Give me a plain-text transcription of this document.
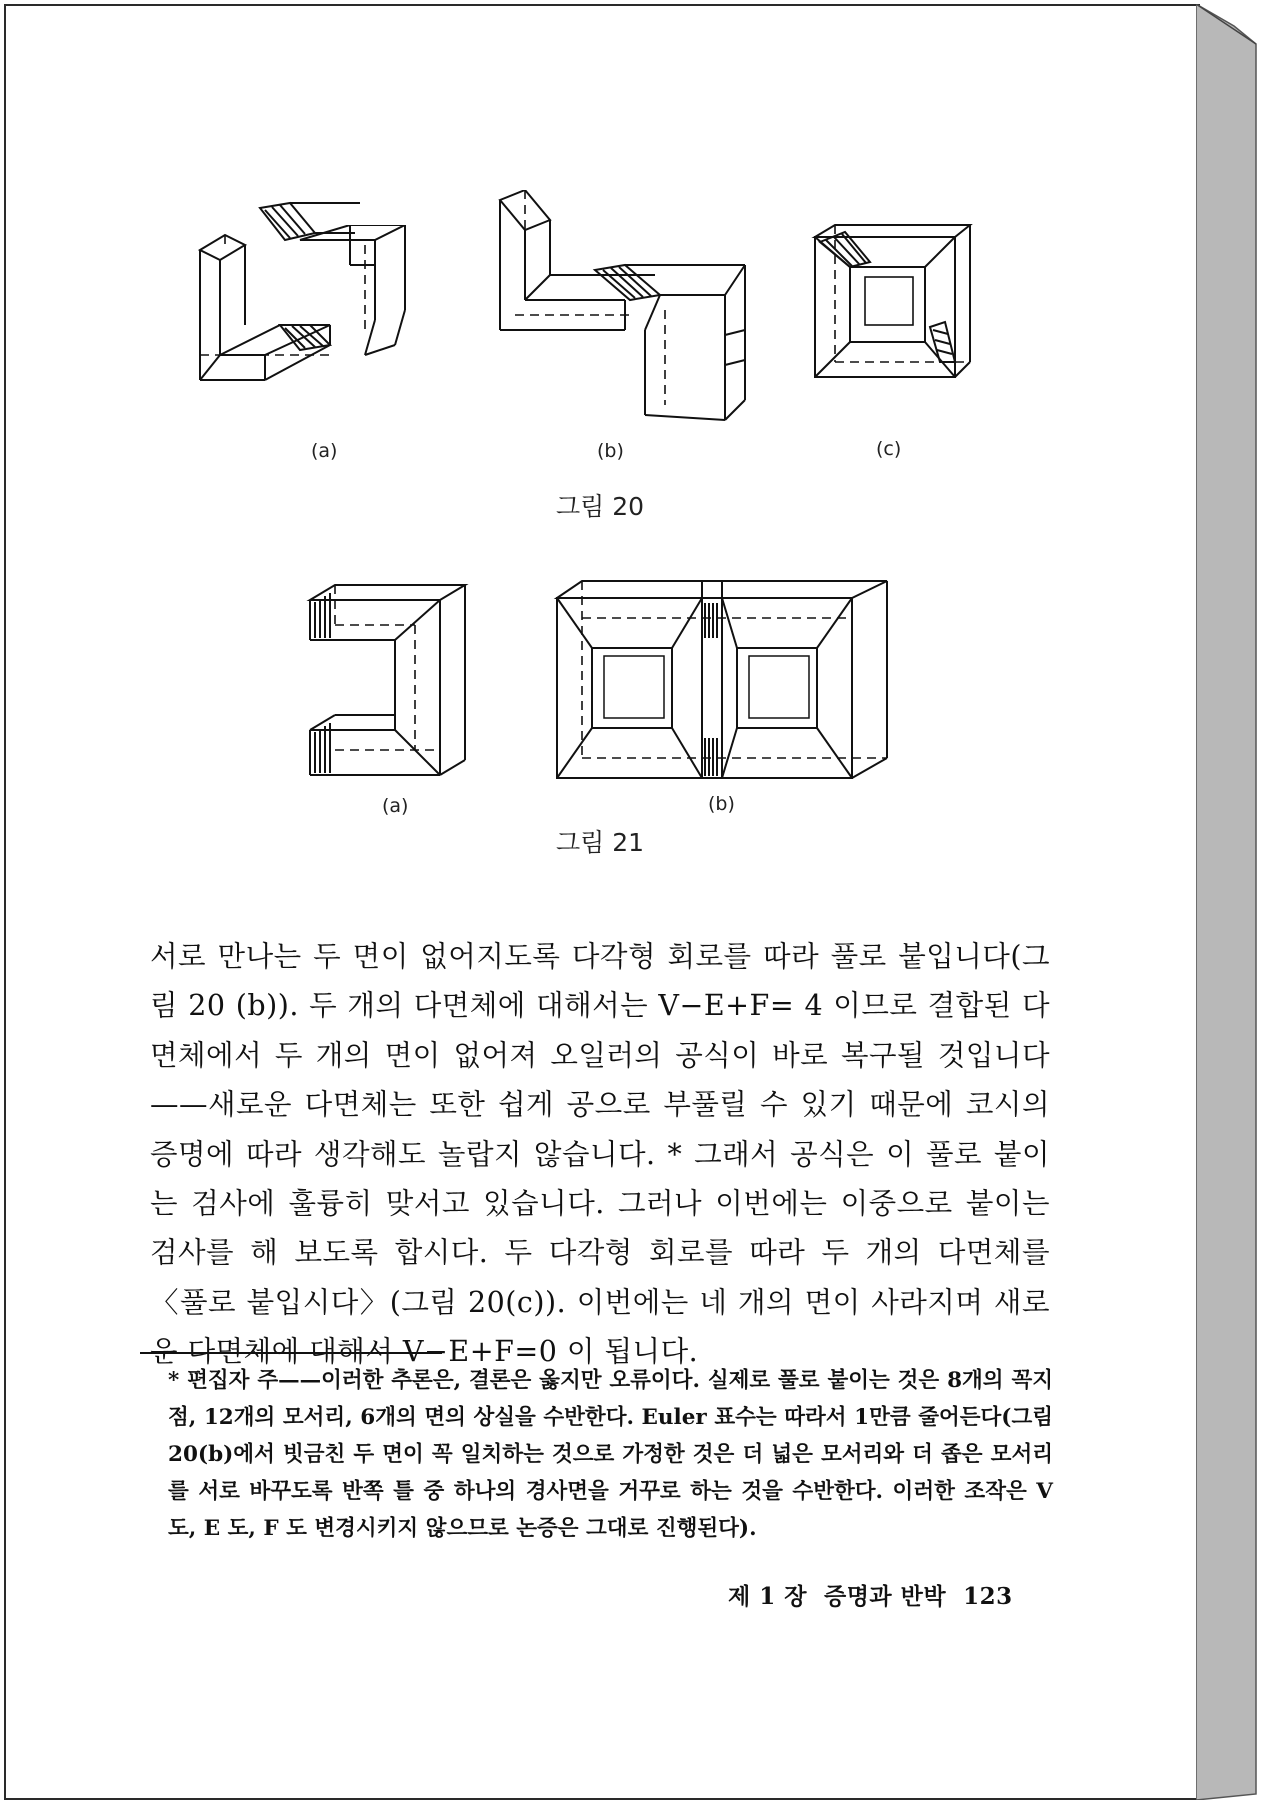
(a)	(b)	(c)
그림 20
(a)	(b)
그림 21

서로 만나는 두 면이 없어지도록 다각형 회로를 따라 풀로 붙입니다(그림 20 (b)). 두 개의 다면체에 대해서는 V−E+F= 4 이므로 결합된 다면체에서 두 개의 면이 없어져 오일러의 공식이 바로 복구될 것입니다——새로운 다면체는 또한 쉽게 공으로 부풀릴 수 있기 때문에 코시의 증명에 따라 생각해도 놀랍지 않습니다. * 그래서 공식은 이 풀로 붙이는 검사에 훌륭히 맞서고 있습니다. 그러나 이번에는 이중으로 붙이는 검사를 해 보도록 합시다. 두 다각형 회로를 따라 두 개의 다면체를 〈풀로 붙입시다〉(그림 20(c)). 이번에는 네 개의 면이 사라지며 새로운 다면체에 대해서 V−E+F=0 이 됩니다.

* 편집자 주——이러한 추론은, 결론은 옳지만 오류이다. 실제로 풀로 붙이는 것은 8개의 꼭지점, 12개의 모서리, 6개의 면의 상실을 수반한다. Euler 표수는 따라서 1만큼 줄어든다(그림 20(b)에서 빗금친 두 면이 꼭 일치하는 것으로 가정한 것은 더 넓은 모서리와 더 좁은 모서리를 서로 바꾸도록 반쪽 틀 중 하나의 경사면을 거꾸로 하는 것을 수반한다. 이러한 조작은 V 도, E 도, F 도 변경시키지 않으므로 논증은 그대로 진행된다).

제 1 장 증명과 반박 123
